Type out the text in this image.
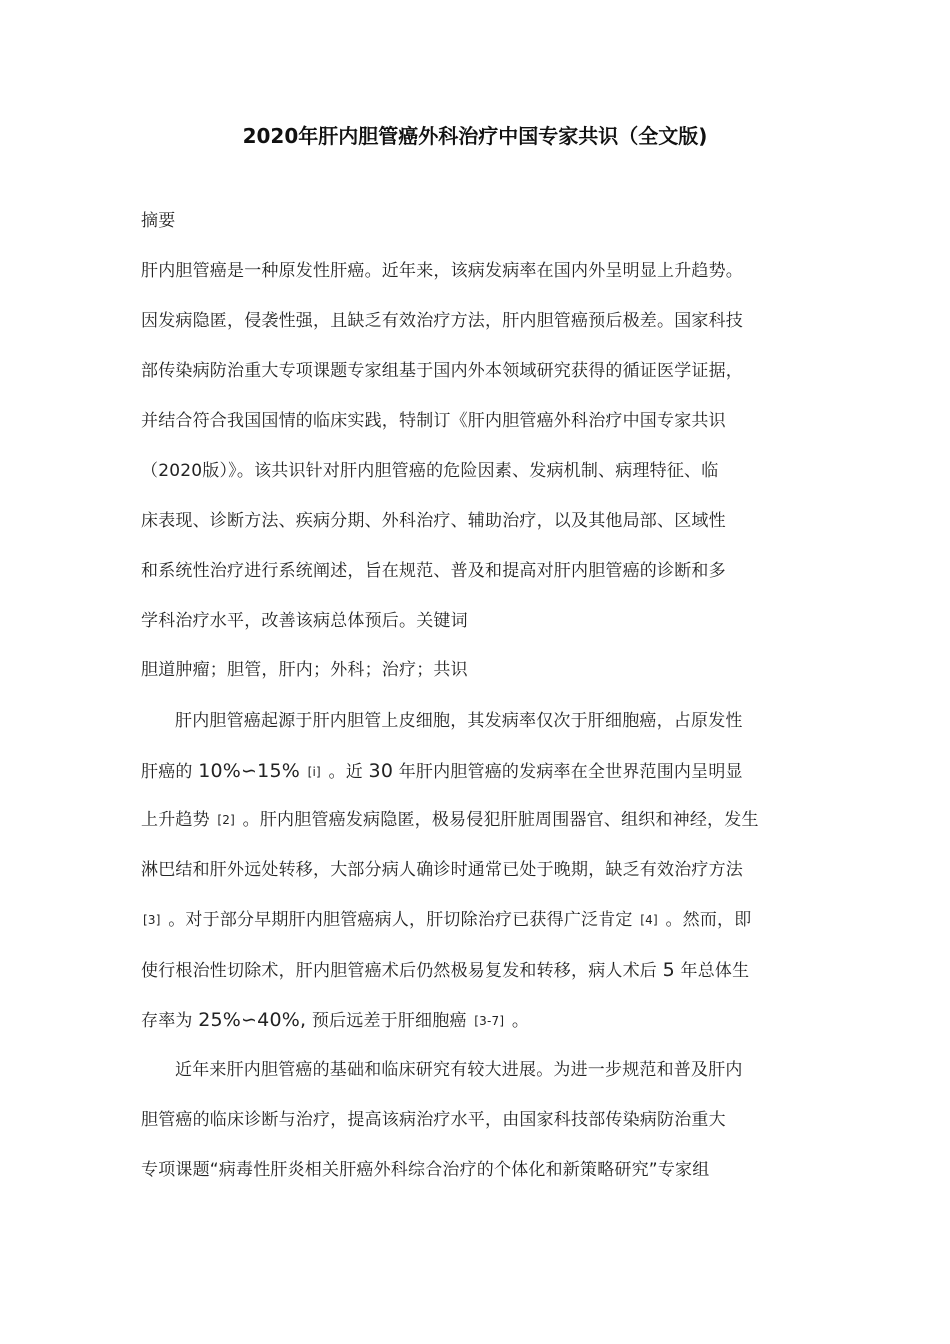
2020年肝内胆管癌外科治疗中国专家共识（全文版)
摘要
肝内胆管癌是一种原发性肝癌。近年来，该病发病率在国内外呈明显上升趋势。
因发病隐匿，侵袭性强，且缺乏有效治疗方法，肝内胆管癌预后极差。国家科技
部传染病防治重大专项课题专家组基于国内外本领域研究获得的循证医学证据，
并结合符合我国国情的临床实践，特制订《肝内胆管癌外科治疗中国专家共识
（2020版）》。该共识针对肝内胆管癌的危险因素、发病机制、病理特征、临
床表现、诊断方法、疾病分期、外科治疗、辅助治疗，以及其他局部、区域性
和系统性治疗进行系统阐述，旨在规范、普及和提高对肝内胆管癌的诊断和多
学科治疗水平，改善该病总体预后。关键词
胆道肿瘤；胆管，肝内；外科；治疗；共识
肝内胆管癌起源于肝内胆管上皮细胞，其发病率仅次于肝细胞癌，占原发性
肝癌的 10%∽15% [i] 。近 30 年肝内胆管癌的发病率在全世界范围内呈明显
上升趋势 [2] 。肝内胆管癌发病隐匿，极易侵犯肝脏周围器官、组织和神经，发生
淋巴结和肝外远处转移，大部分病人确诊时通常已处于晚期，缺乏有效治疗方法
[3] 。对于部分早期肝内胆管癌病人，肝切除治疗已获得广泛肯定 [4] 。然而，即
使行根治性切除术，肝内胆管癌术后仍然极易复发和转移，病人术后 5 年总体生
存率为 25%∽40%, 预后远差于肝细胞癌 [3-7] 。
近年来肝内胆管癌的基础和临床研究有较大进展。为进一步规范和普及肝内
胆管癌的临床诊断与治疗，提高该病治疗水平，由国家科技部传染病防治重大
专项课题“病毒性肝炎相关肝癌外科综合治疗的个体化和新策略研究”专家组
